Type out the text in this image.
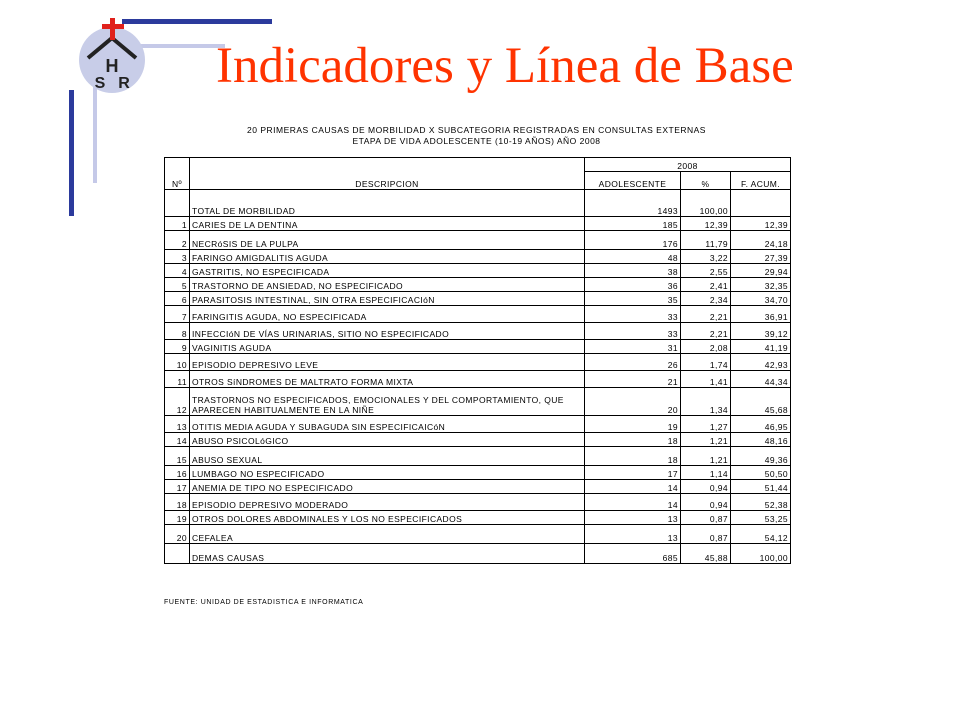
H
S R Indicadores y Línea de Base
20 PRIMERAS CAUSAS DE MORBILIDAD X SUBCATEGORIA REGISTRADAS EN CONSULTAS EXTERNAS
ETAPA DE VIDA ADOLESCENTE (10-19 AÑOS) AÑO 2008
Nº	DESCRIPCION	2008		
		ADOLESCENTE	%	F. ACUM.
	TOTAL DE MORBILIDAD	1493	100,00	
1	CARIES DE LA DENTINA	185	12,39	12,39
2	NECRóSIS DE LA PULPA	176	11,79	24,18
3	FARINGO AMIGDALITIS AGUDA	48	3,22	27,39
4	GASTRITIS, NO ESPECIFICADA	38	2,55	29,94
5	TRASTORNO DE ANSIEDAD, NO ESPECIFICADO	36	2,41	32,35
6	PARASITOSIS INTESTINAL, SIN OTRA ESPECIFICACIóN	35	2,34	34,70
7	FARINGITIS AGUDA, NO ESPECIFICADA	33	2,21	36,91
8	INFECCIóN DE VÍAS URINARIAS, SITIO NO ESPECIFICADO	33	2,21	39,12
9	VAGINITIS AGUDA	31	2,08	41,19
10	EPISODIO DEPRESIVO LEVE	26	1,74	42,93
11	OTROS SíNDROMES DE MALTRATO FORMA MIXTA	21	1,41	44,34
12	TRASTORNOS NO ESPECIFICADOS, EMOCIONALES Y DEL COMPORTAMIENTO, QUE APARECEN HABITUALMENTE EN LA NIÑE	20	1,34	45,68
13	OTITIS MEDIA AGUDA Y SUBAGUDA SIN ESPECIFICAICóN	19	1,27	46,95
14	ABUSO PSICOLóGICO	18	1,21	48,16
15	ABUSO SEXUAL	18	1,21	49,36
16	LUMBAGO NO ESPECIFICADO	17	1,14	50,50
17	ANEMIA DE TIPO NO ESPECIFICADO	14	0,94	51,44
18	EPISODIO DEPRESIVO MODERADO	14	0,94	52,38
19	OTROS DOLORES ABDOMINALES Y LOS NO ESPECIFICADOS	13	0,87	53,25
20	CEFALEA	13	0,87	54,12
	DEMAS CAUSAS	685	45,88	100,00
FUENTE: UNIDAD DE ESTADISTICA E INFORMATICA
